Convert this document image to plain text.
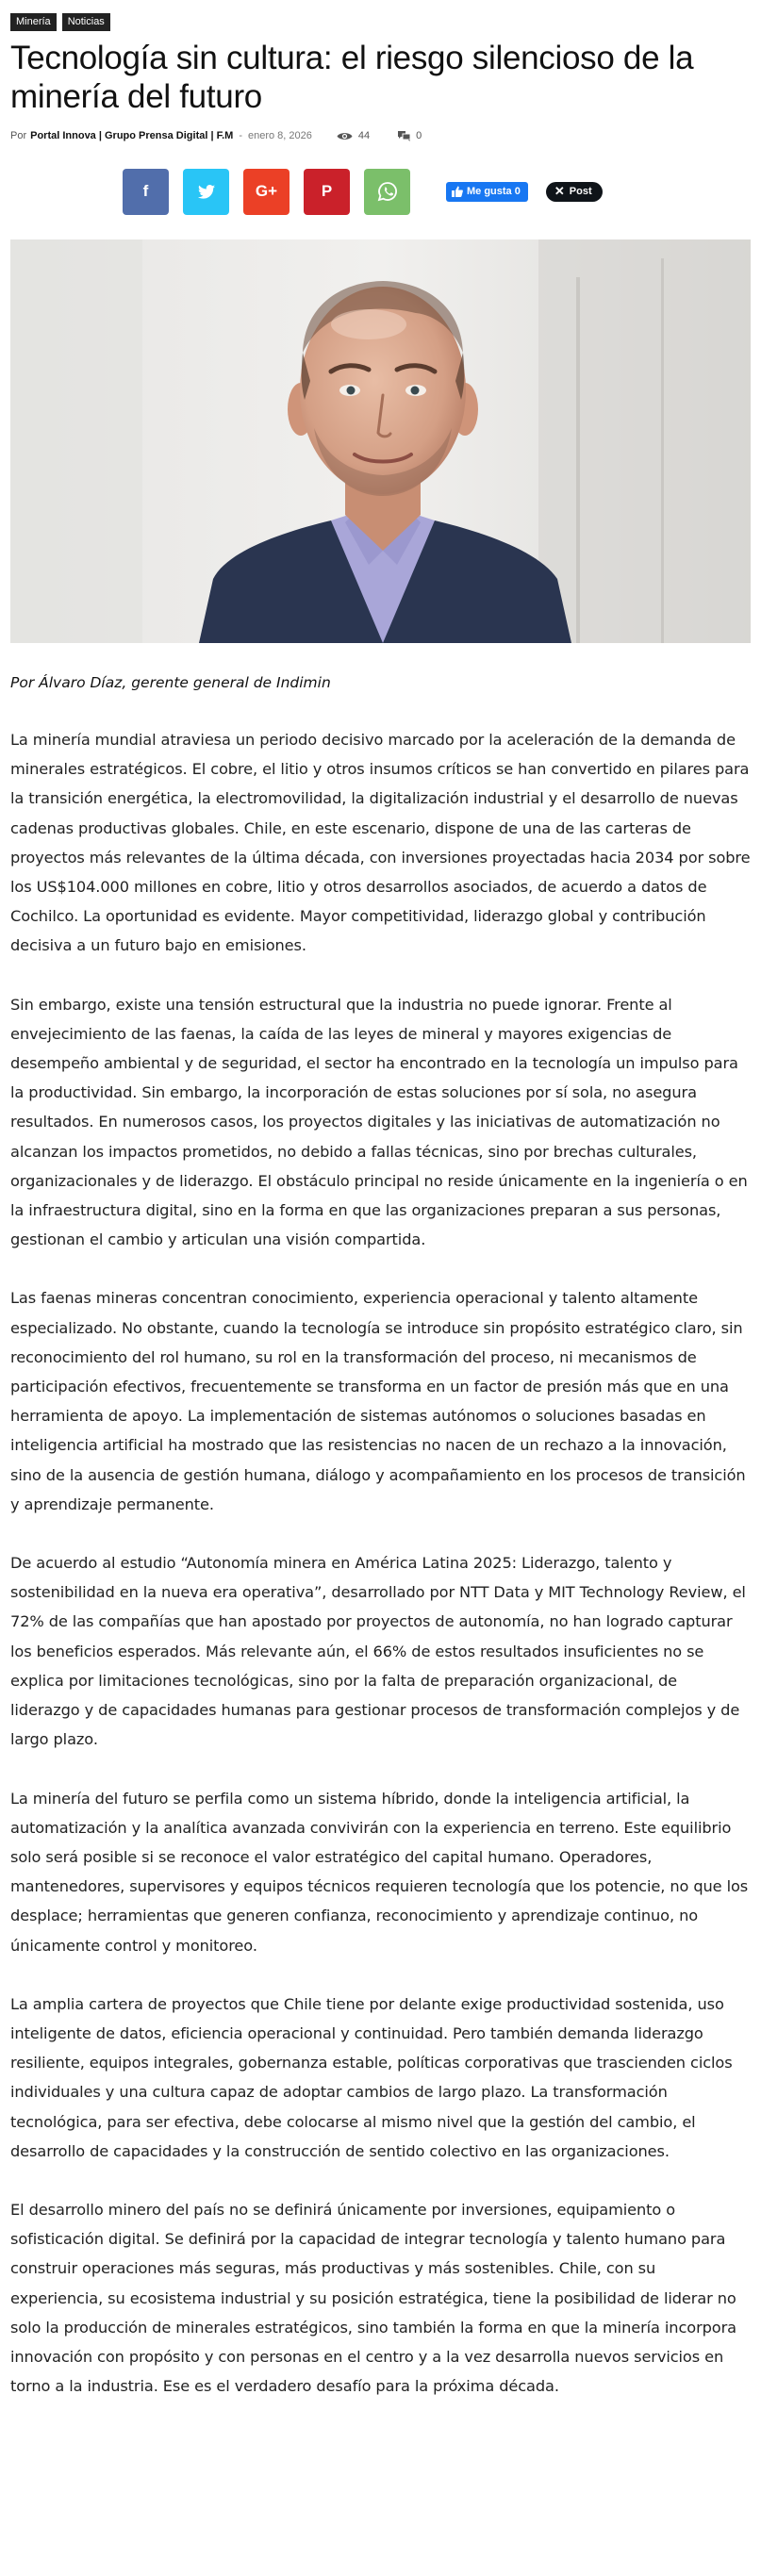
Minería	Noticias
Tecnología sin cultura: el riesgo silencioso de la minería del futuro
Por Portal Innova | Grupo Prensa Digital | F.M - enero 8, 2026	44	0
f	G+	P	Me gusta 0	✕ Post

Por Álvaro Díaz, gerente general de Indimin

La minería mundial atraviesa un periodo decisivo marcado por la aceleración de la demanda de minerales estratégicos. El cobre, el litio y otros insumos críticos se han convertido en pilares para la transición energética, la electromovilidad, la digitalización industrial y el desarrollo de nuevas cadenas productivas globales. Chile, en este escenario, dispone de una de las carteras de proyectos más relevantes de la última década, con inversiones proyectadas hacia 2034 por sobre los US$104.000 millones en cobre, litio y otros desarrollos asociados, de acuerdo a datos de Cochilco. La oportunidad es evidente. Mayor competitividad, liderazgo global y contribución decisiva a un futuro bajo en emisiones.

Sin embargo, existe una tensión estructural que la industria no puede ignorar. Frente al envejecimiento de las faenas, la caída de las leyes de mineral y mayores exigencias de desempeño ambiental y de seguridad, el sector ha encontrado en la tecnología un impulso para la productividad. Sin embargo, la incorporación de estas soluciones por sí sola, no asegura resultados. En numerosos casos, los proyectos digitales y las iniciativas de automatización no alcanzan los impactos prometidos, no debido a fallas técnicas, sino por brechas culturales, organizacionales y de liderazgo. El obstáculo principal no reside únicamente en la ingeniería o en la infraestructura digital, sino en la forma en que las organizaciones preparan a sus personas, gestionan el cambio y articulan una visión compartida.

Las faenas mineras concentran conocimiento, experiencia operacional y talento altamente especializado. No obstante, cuando la tecnología se introduce sin propósito estratégico claro, sin reconocimiento del rol humano, su rol en la transformación del proceso, ni mecanismos de participación efectivos, frecuentemente se transforma en un factor de presión más que en una herramienta de apoyo. La implementación de sistemas autónomos o soluciones basadas en inteligencia artificial ha mostrado que las resistencias no nacen de un rechazo a la innovación, sino de la ausencia de gestión humana, diálogo y acompañamiento en los procesos de transición y aprendizaje permanente.

De acuerdo al estudio “Autonomía minera en América Latina 2025: Liderazgo, talento y sostenibilidad en la nueva era operativa”, desarrollado por NTT Data y MIT Technology Review, el 72% de las compañías que han apostado por proyectos de autonomía, no han logrado capturar los beneficios esperados. Más relevante aún, el 66% de estos resultados insuficientes no se explica por limitaciones tecnológicas, sino por la falta de preparación organizacional, de liderazgo y de capacidades humanas para gestionar procesos de transformación complejos y de largo plazo.

La minería del futuro se perfila como un sistema híbrido, donde la inteligencia artificial, la automatización y la analítica avanzada convivirán con la experiencia en terreno. Este equilibrio solo será posible si se reconoce el valor estratégico del capital humano. Operadores, mantenedores, supervisores y equipos técnicos requieren tecnología que los potencie, no que los desplace; herramientas que generen confianza, reconocimiento y aprendizaje continuo, no únicamente control y monitoreo.

La amplia cartera de proyectos que Chile tiene por delante exige productividad sostenida, uso inteligente de datos, eficiencia operacional y continuidad. Pero también demanda liderazgo resiliente, equipos integrales, gobernanza estable, políticas corporativas que trascienden ciclos individuales y una cultura capaz de adoptar cambios de largo plazo. La transformación tecnológica, para ser efectiva, debe colocarse al mismo nivel que la gestión del cambio, el desarrollo de capacidades y la construcción de sentido colectivo en las organizaciones.

El desarrollo minero del país no se definirá únicamente por inversiones, equipamiento o sofisticación digital. Se definirá por la capacidad de integrar tecnología y talento humano para construir operaciones más seguras, más productivas y más sostenibles. Chile, con su experiencia, su ecosistema industrial y su posición estratégica, tiene la posibilidad de liderar no solo la producción de minerales estratégicos, sino también la forma en que la minería incorpora innovación con propósito y con personas en el centro y a la vez desarrolla nuevos servicios en torno a la industria. Ese es el verdadero desafío para la próxima década.
